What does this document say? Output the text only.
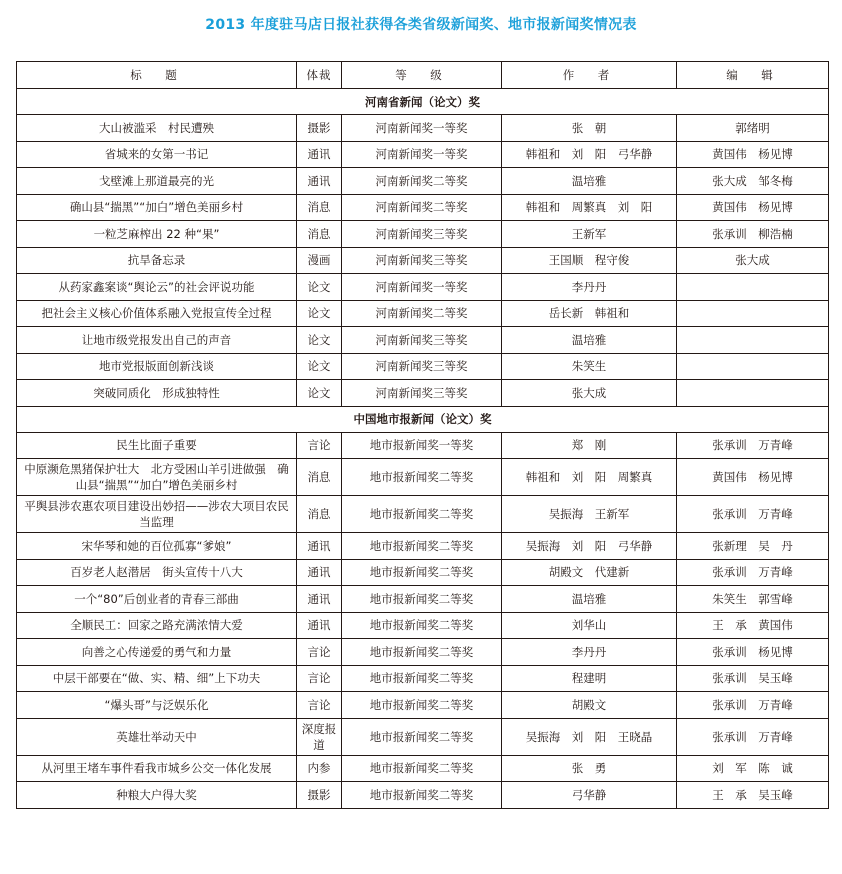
2013 年度驻马店日报社获得各类省级新闻奖、地市报新闻奖情况表
标　题	体裁	等　级	作　者	编　辑
河南省新闻（论文）奖				
大山被滥采　村民遭殃	摄影	河南新闻奖一等奖	张　朝	郭绪明
省城来的女第一书记	通讯	河南新闻奖一等奖	韩祖和　刘　阳　弓华静	黄国伟　杨见博
戈壁滩上那道最亮的光	通讯	河南新闻奖二等奖	温培雅	张大成　邹冬梅
确山县“揣黑”“加白”增色美丽乡村	消息	河南新闻奖二等奖	韩祖和　周繁真　刘　阳	黄国伟　杨见博
一粒芝麻榨出 22 种“果”	消息	河南新闻奖三等奖	王新军	张承训　柳浩楠
抗旱备忘录	漫画	河南新闻奖三等奖	王国顺　程守俊	张大成
从药家鑫案谈“舆论云”的社会评说功能	论文	河南新闻奖一等奖	李丹丹	
把社会主义核心价值体系融入党报宣传全过程	论文	河南新闻奖二等奖	岳长新　韩祖和	
让地市级党报发出自己的声音	论文	河南新闻奖三等奖	温培雅	
地市党报版面创新浅谈	论文	河南新闻奖三等奖	朱笑生	
突破同质化　形成独特性	论文	河南新闻奖三等奖	张大成	
中国地市报新闻（论文）奖				
民生比面子重要	言论	地市报新闻奖一等奖	郑　刚	张承训　万青峰
中原濒危黑猪保护壮大　北方受困山羊引进做强　确山县“揣黑”“加白”增色美丽乡村	消息	地市报新闻奖二等奖	韩祖和　刘　阳　周繁真	黄国伟　杨见博
平舆县涉农惠农项目建设出妙招——涉农大项目农民当监理	消息	地市报新闻奖二等奖	吴振海　王新军	张承训　万青峰
宋华琴和她的百位孤寡“爹娘”	通讯	地市报新闻奖二等奖	吴振海　刘　阳　弓华静	张新理　吴　丹
百岁老人赵潜居　街头宣传十八大	通讯	地市报新闻奖二等奖	胡殿文　代建新	张承训　万青峰
一个“80”后创业者的青春三部曲	通讯	地市报新闻奖二等奖	温培雅	朱笑生　郭雪峰
全顺民工：回家之路充满浓情大爱	通讯	地市报新闻奖二等奖	刘华山	王　承　黄国伟
向善之心传递爱的勇气和力量	言论	地市报新闻奖二等奖	李丹丹	张承训　杨见博
中层干部要在“做、实、精、细”上下功夫	言论	地市报新闻奖二等奖	程建明	张承训　吴玉峰
“爆头哥”与泛娱乐化	言论	地市报新闻奖二等奖	胡殿文	张承训　万青峰
英雄壮举动天中	深度报道	地市报新闻奖二等奖	吴振海　刘　阳　王晓晶	张承训　万青峰
从河里王堵车事件看我市城乡公交一体化发展	内参	地市报新闻奖二等奖	张　勇	刘　军　陈　诚
种粮大户得大奖	摄影	地市报新闻奖二等奖	弓华静	王　承　吴玉峰
